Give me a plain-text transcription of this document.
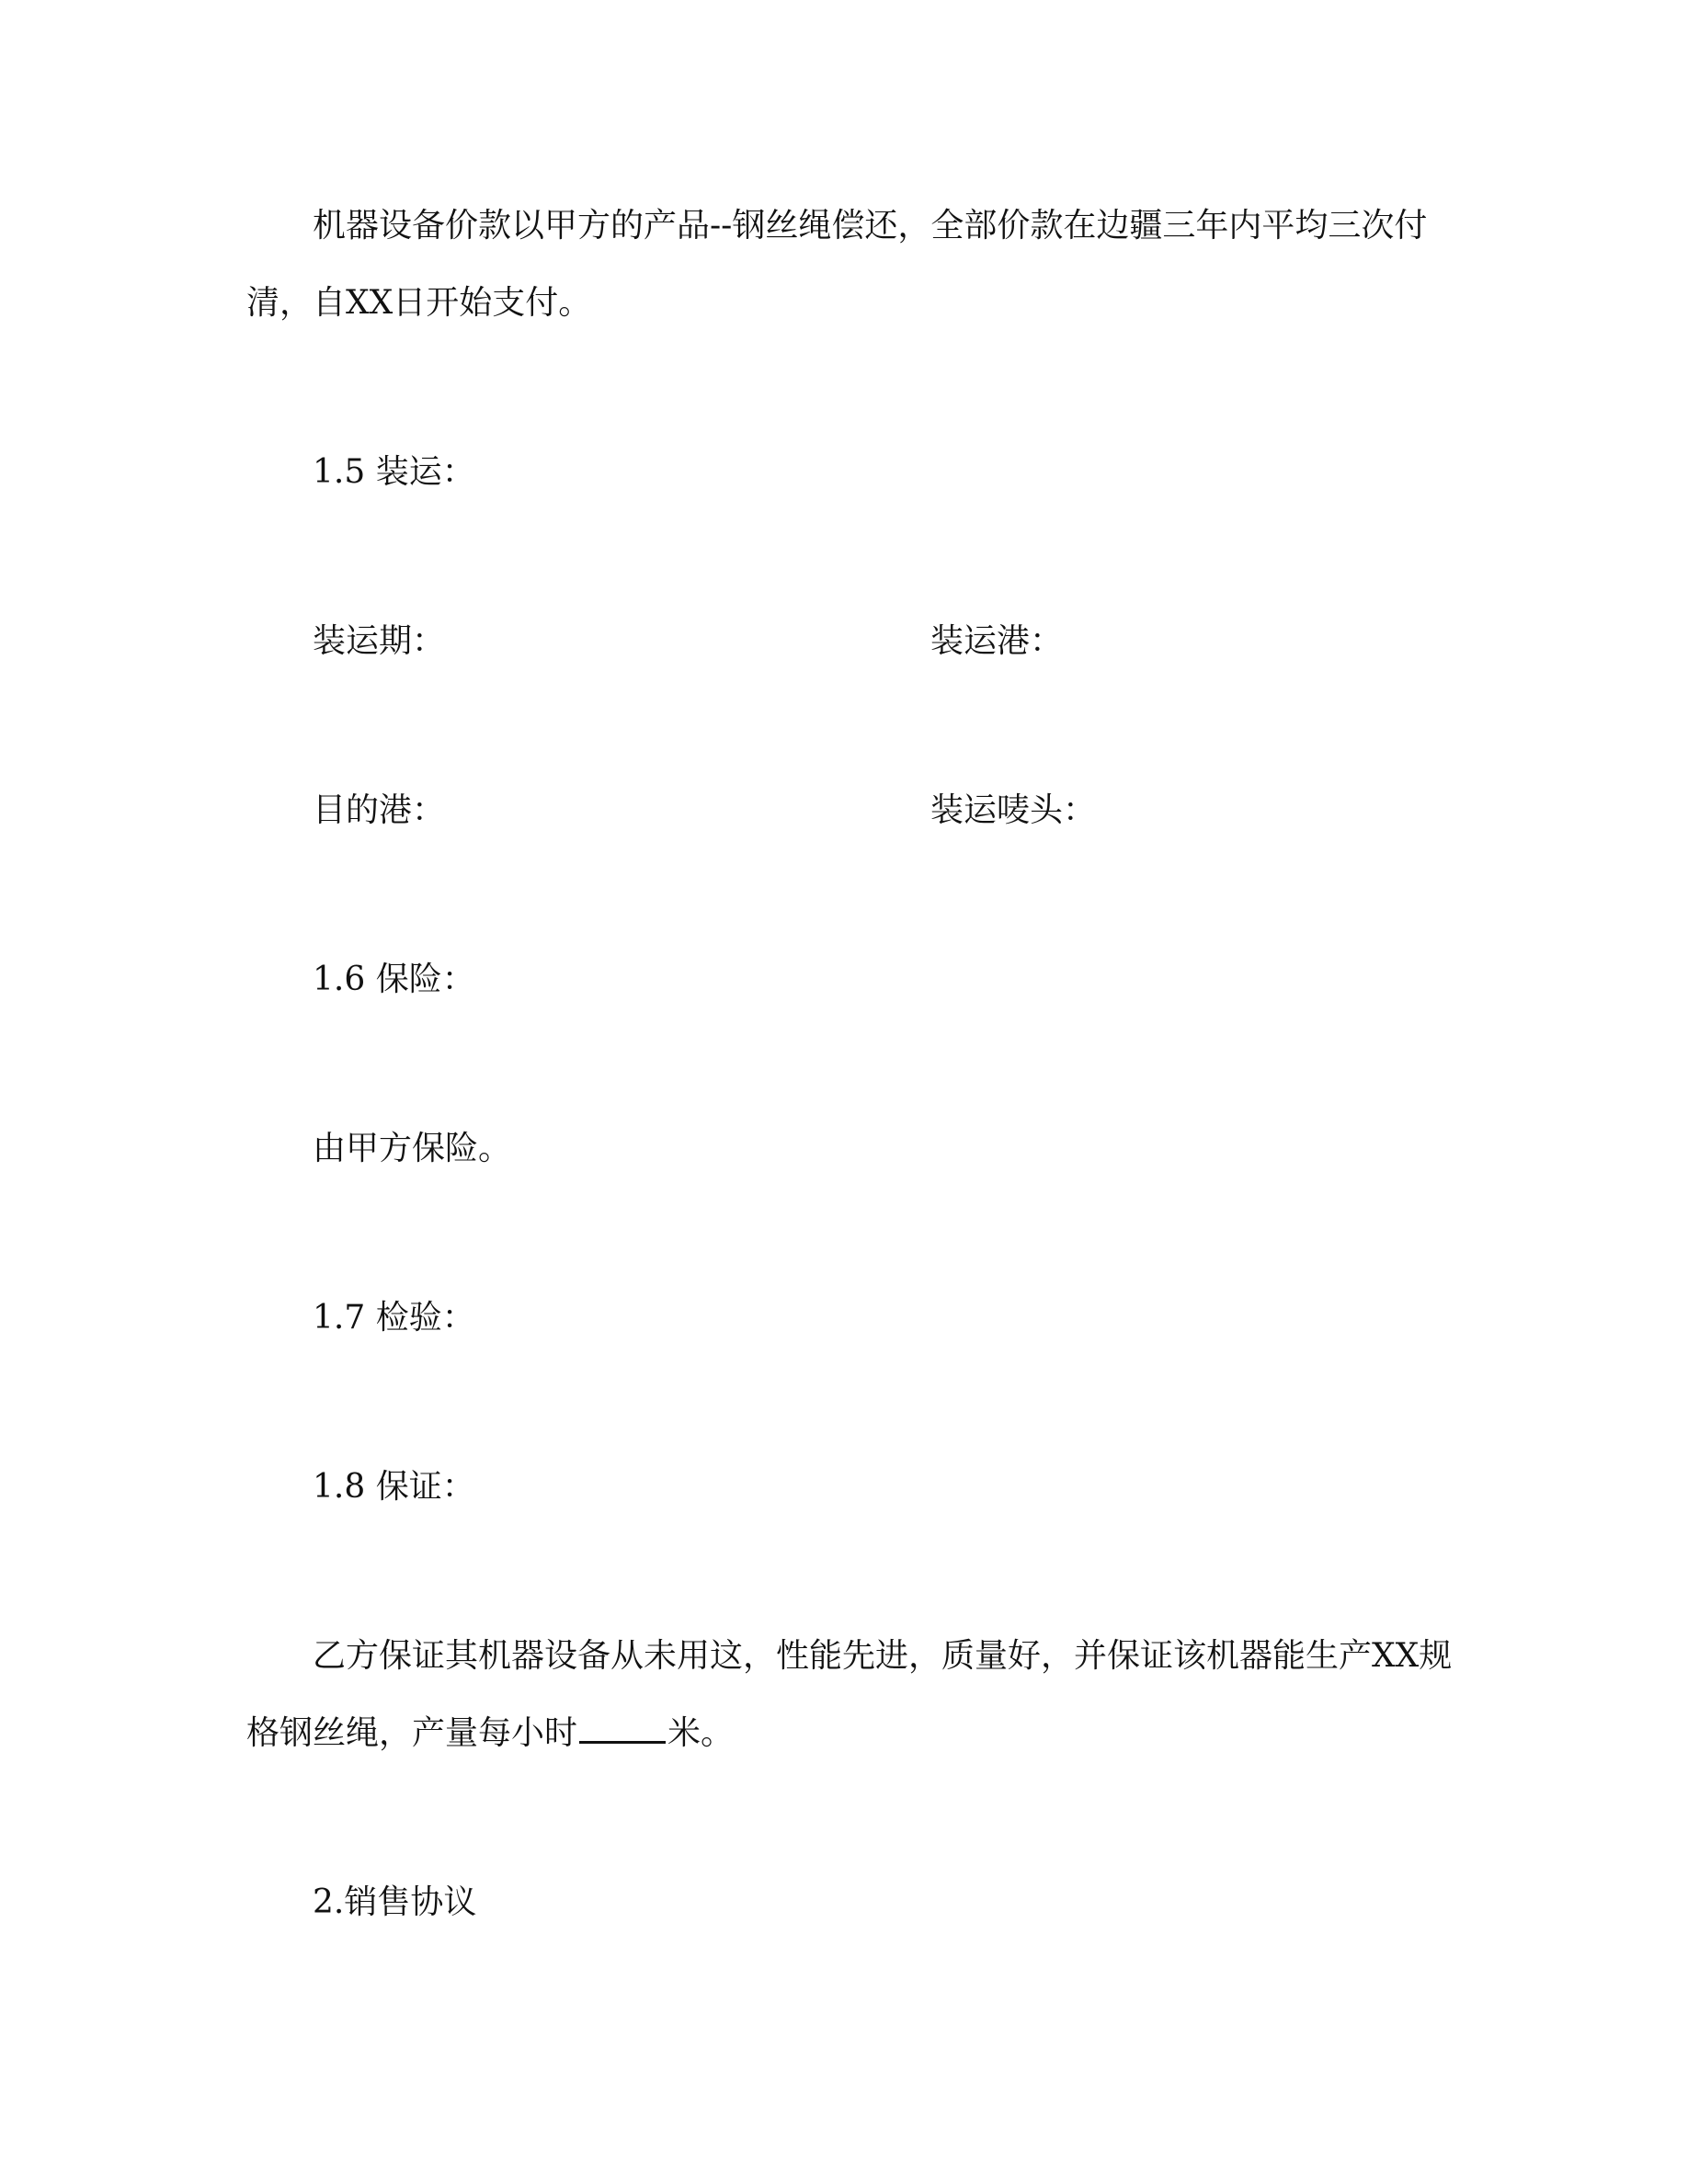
机器设备价款以甲方的产品--钢丝绳偿还，全部价款在边疆三年内平均三次付

清，自XX日开始支付。

1.5 装运：

装运期：	装运港：

目的港：	装运唛头：

1.6 保险：

由甲方保险。

1.7 检验：

1.8 保证：

乙方保证其机器设备从未用这，性能先进，质量好，并保证该机器能生产XX规

格钢丝绳，产量每小时	米。

2.销售协议
